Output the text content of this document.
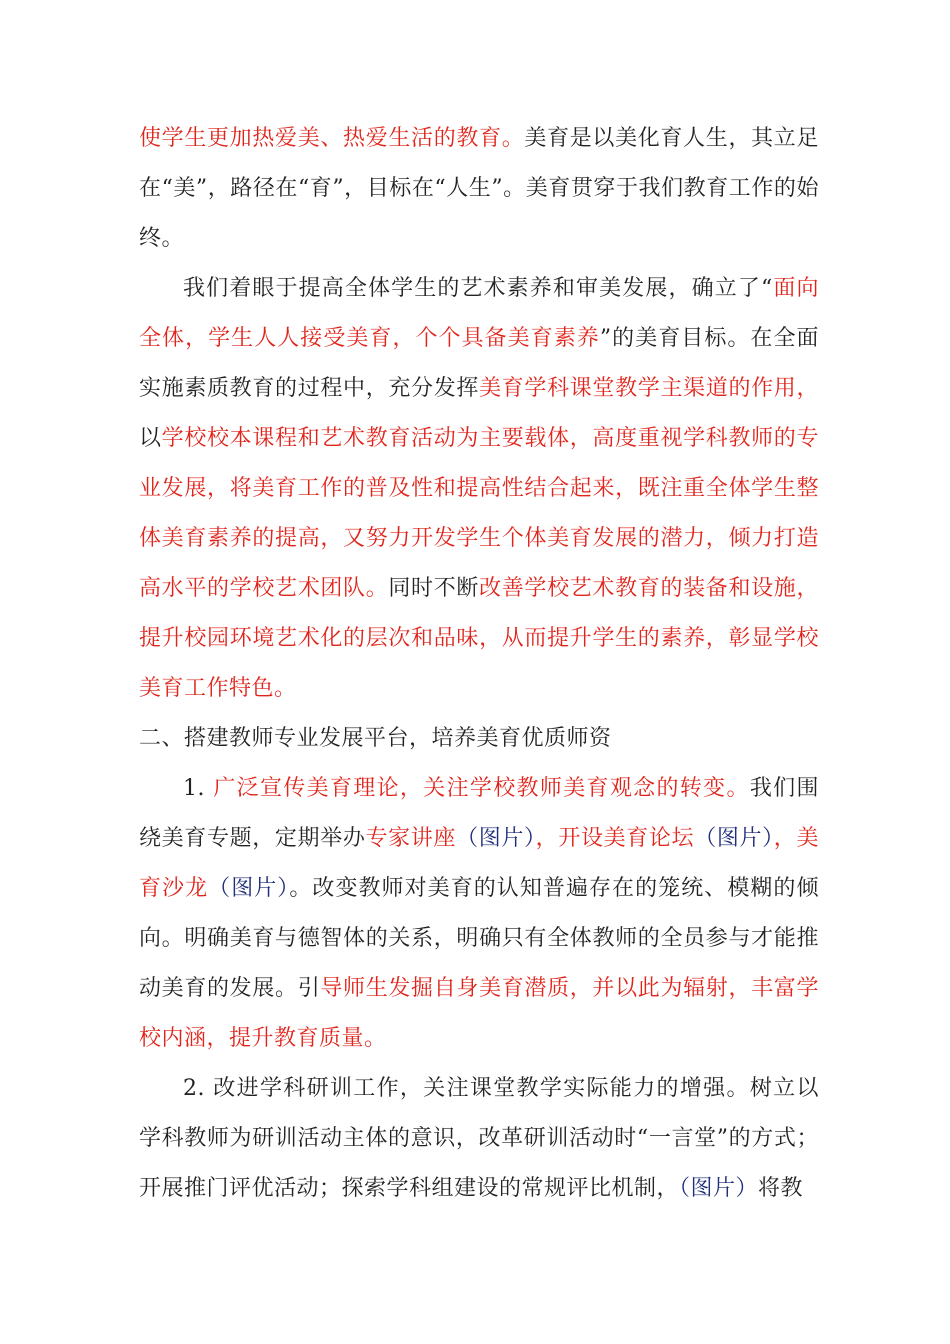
使学生更加热爱美、热爱生活的教育。美育是以美化育人生，其立足在“美”，路径在“育”，目标在“人生”。美育贯穿于我们教育工作的始终。

我们着眼于提高全体学生的艺术素养和审美发展，确立了“面向全体，学生人人接受美育，个个具备美育素养”的美育目标。在全面实施素质教育的过程中，充分发挥美育学科课堂教学主渠道的作用，以学校校本课程和艺术教育活动为主要载体，高度重视学科教师的专业发展，将美育工作的普及性和提高性结合起来，既注重全体学生整体美育素养的提高，又努力开发学生个体美育发展的潜力，倾力打造高水平的学校艺术团队。同时不断改善学校艺术教育的装备和设施，提升校园环境艺术化的层次和品味，从而提升学生的素养，彰显学校美育工作特色。

二、搭建教师专业发展平台，培养美育优质师资

1. 广泛宣传美育理论，关注学校教师美育观念的转变。我们围绕美育专题，定期举办专家讲座（图片），开设美育论坛（图片），美育沙龙（图片）。改变教师对美育的认知普遍存在的笼统、模糊的倾向。明确美育与德智体的关系，明确只有全体教师的全员参与才能推动美育的发展。引导师生发掘自身美育潜质，并以此为辐射，丰富学校内涵，提升教育质量。

2. 改进学科研训工作，关注课堂教学实际能力的增强。树立以学科教师为研训活动主体的意识，改革研训活动时“一言堂”的方式；开展推门评优活动；探索学科组建设的常规评比机制，（图片）将教
